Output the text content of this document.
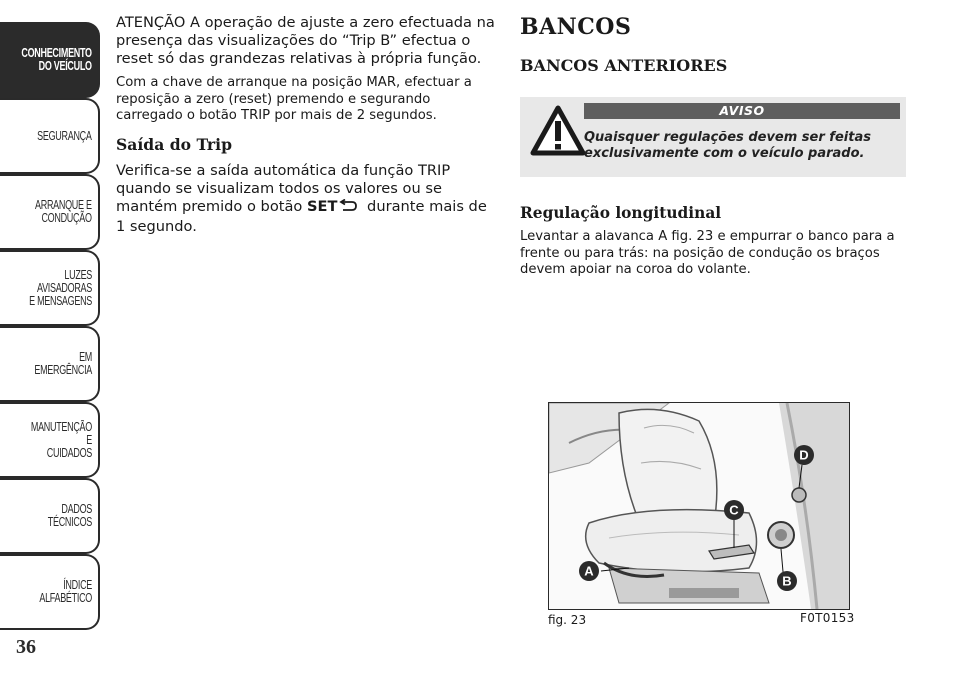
CONHECIMENTO
DO VEÍCULO
SEGURANÇA
ARRANQUE E
CONDUÇÃO
LUZES AVISADORAS
E MENSAGENS
EM EMERGÊNCIA
MANUTENÇÃO E
CUIDADOS
DADOS TÉCNICOS
ÍNDICE ALFABÉTICO
36

ATENÇÃO A operação de ajuste a zero efectuada na presença das visualizações do “Trip B” efectua o reset só das grandezas relativas à própria função.

Com a chave de arranque na posição MAR, efectuar a reposição a zero (reset) premendo e segurando carregado o botão TRIP por mais de 2 segundos.

Saída do Trip

Verifica-se a saída automática da função TRIP quando se visualizam todos os valores ou se mantém premido o botão SET durante mais de 1 segundo.

BANCOS
BANCOS ANTERIORES
AVISO
Quaisquer regulações devem ser feitas exclusivamente com o veículo parado.
Regulação longitudinal

Levantar a alavanca A fig. 23 e empurrar o banco para a frente ou para trás: na posição de condução os braços devem apoiar na coroa do volante.

A
B
C
D
fig. 23	F0T0153
